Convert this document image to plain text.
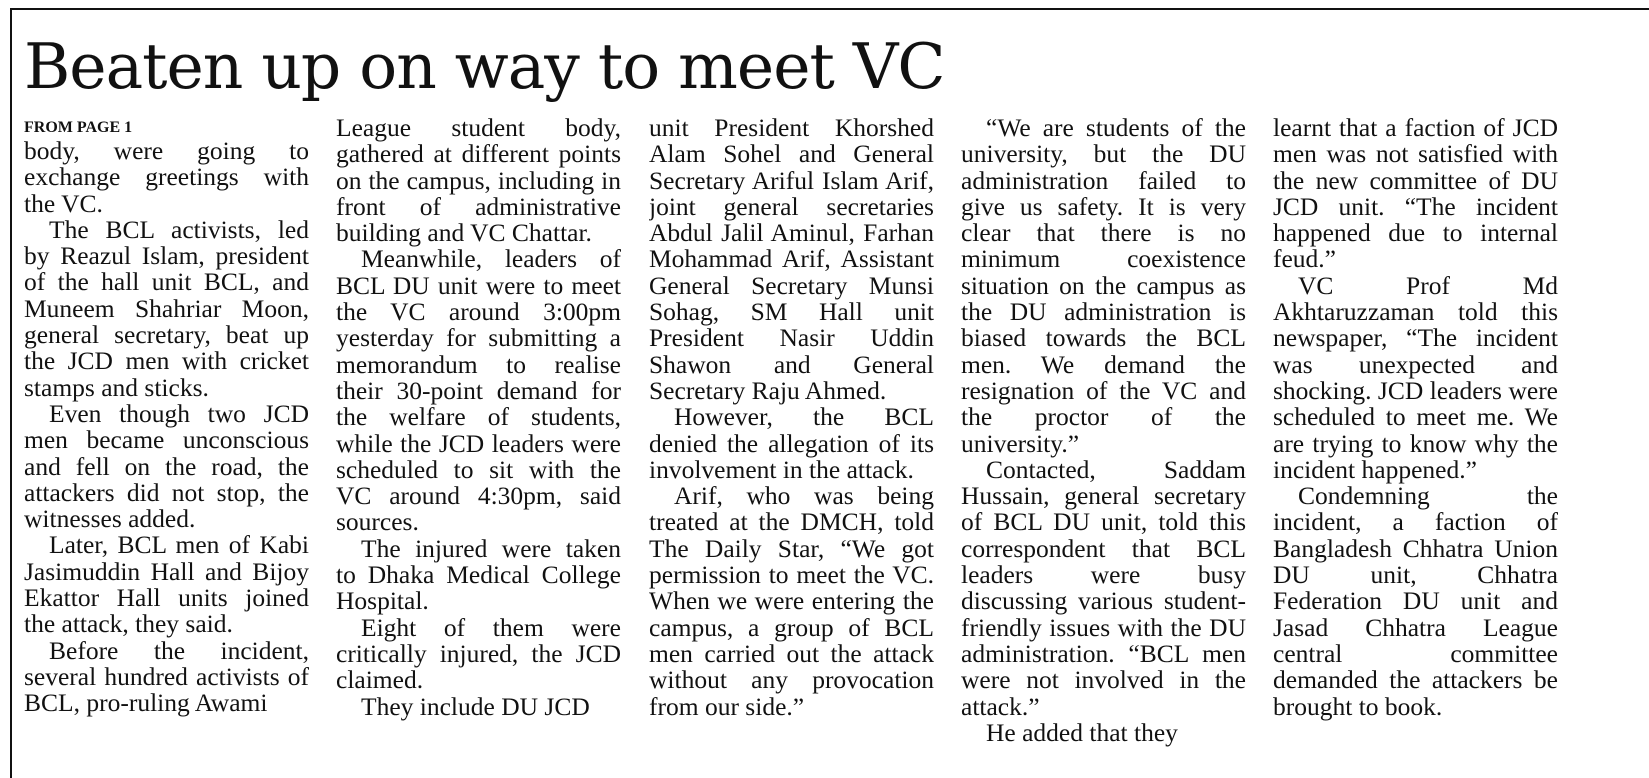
Beaten up on way to meet VC
FROM PAGE 1

body, were going to exchange greetings with the VC.

The BCL activists, led by Reazul Islam, president of the hall unit BCL, and Muneem Shahriar Moon, general secretary, beat up the JCD men with cricket stamps and sticks.

Even though two JCD men became unconscious and fell on the road, the attackers did not stop, the witnesses added.

Later, BCL men of Kabi Jasimuddin Hall and Bijoy Ekattor Hall units joined the attack, they said.

Before the incident, several hundred activists of BCL, pro-ruling Awami

League student body, gathered at different points on the campus, including in front of administrative building and VC Chattar.

Meanwhile, leaders of BCL DU unit were to meet the VC around 3:00pm yesterday for submitting a memorandum to realise their 30-point demand for the welfare of students, while the JCD leaders were scheduled to sit with the VC around 4:30pm, said sources.

The injured were taken to Dhaka Medical College Hospital.

Eight of them were critically injured, the JCD claimed.

They include DU JCD

unit President Khorshed Alam Sohel and General Secretary Ariful Islam Arif, joint general secretaries Abdul Jalil Aminul, Farhan Mohammad Arif, Assistant General Secretary Munsi Sohag, SM Hall unit President Nasir Uddin Shawon and General Secretary Raju Ahmed.

However, the BCL denied the allegation of its involvement in the attack.

Arif, who was being treated at the DMCH, told The Daily Star, “We got permission to meet the VC. When we were entering the campus, a group of BCL men carried out the attack without any provocation from our side.”

“We are students of the university, but the DU administration failed to give us safety. It is very clear that there is no minimum coexistence situation on the campus as the DU administration is biased towards the BCL men. We demand the resignation of the VC and the proctor of the university.”

Contacted, Saddam Hussain, general secretary of BCL DU unit, told this correspondent that BCL leaders were busy discussing various student-friendly issues with the DU administration. “BCL men were not involved in the attack.”

He added that they

learnt that a faction of JCD men was not satisfied with the new committee of DU JCD unit. “The incident happened due to internal feud.”

VC Prof Md Akhtaruzzaman told this newspaper, “The incident was unexpected and shocking. JCD leaders were scheduled to meet me. We are trying to know why the incident happened.”

Condemning the incident, a faction of Bangladesh Chhatra Union DU unit, Chhatra Federation DU unit and Jasad Chhatra League central committee demanded the attackers be brought to book.
